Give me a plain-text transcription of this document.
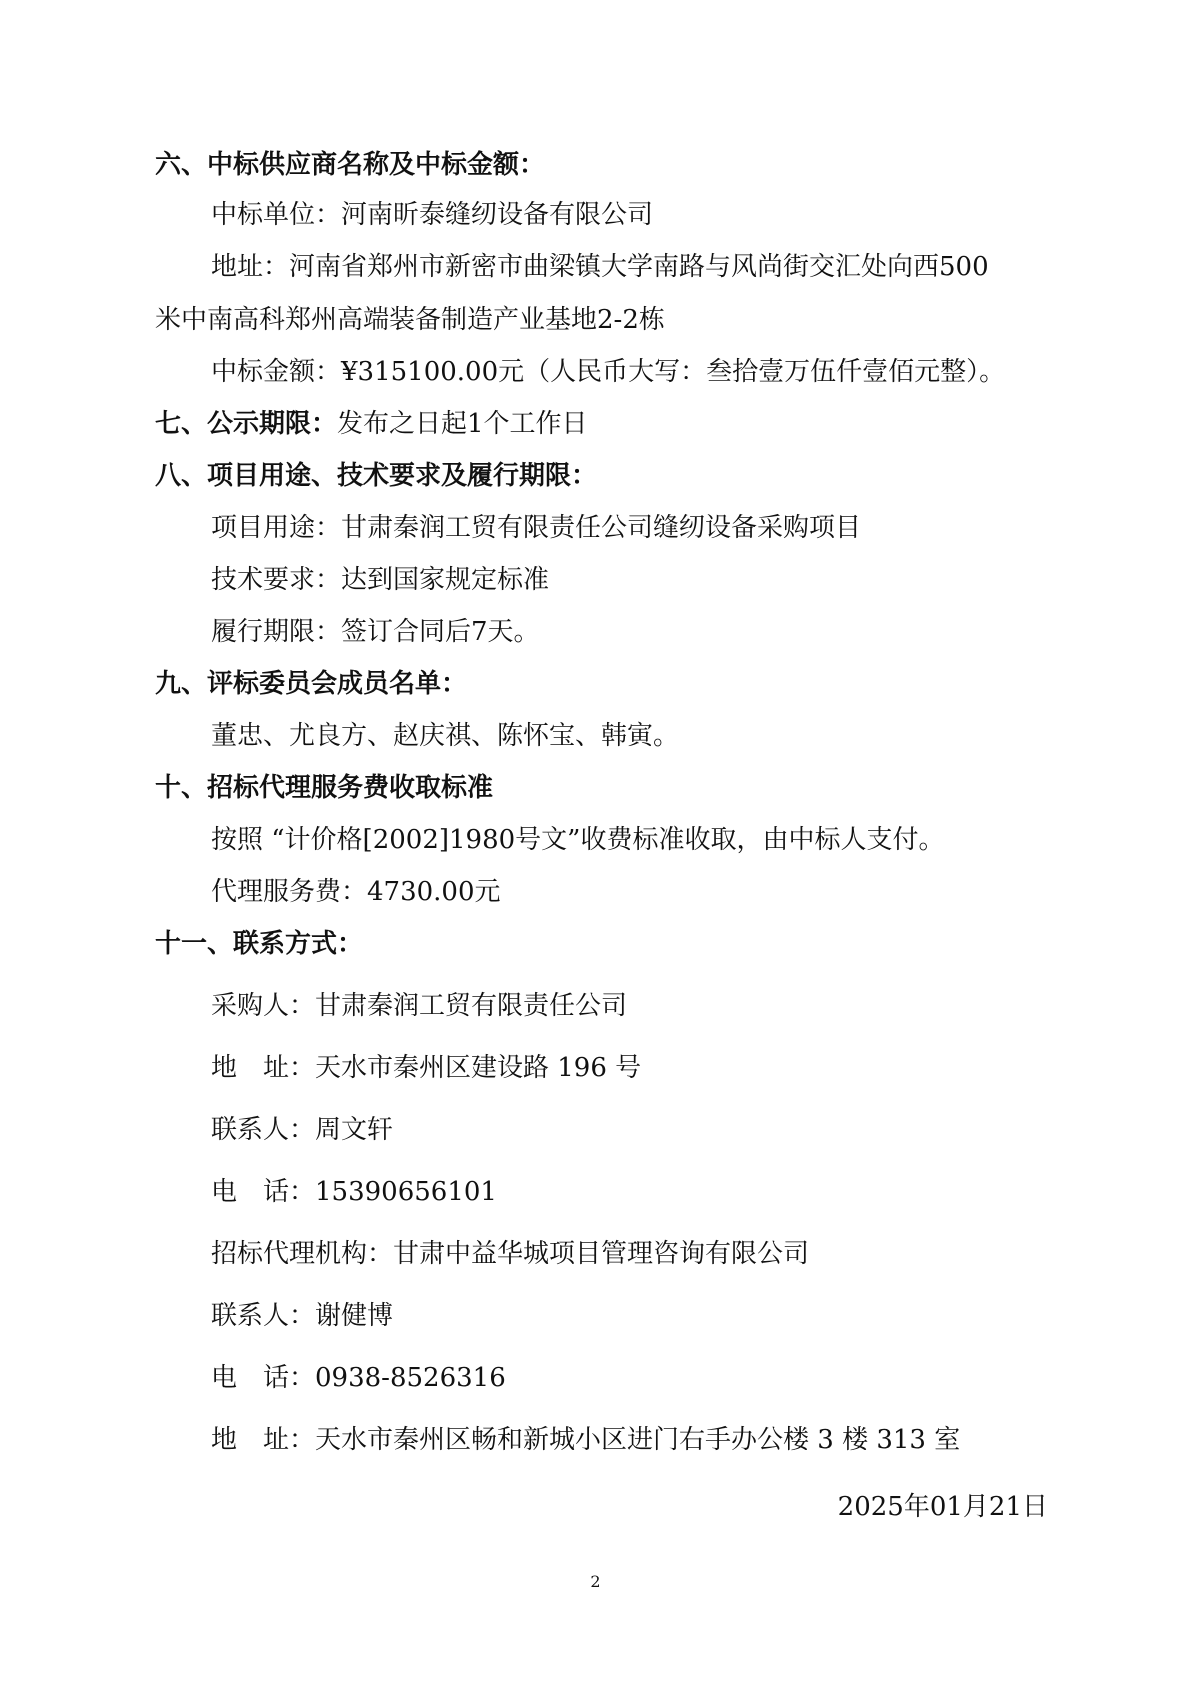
六、中标供应商名称及中标金额：
中标单位：河南昕泰缝纫设备有限公司
地址：河南省郑州市新密市曲梁镇大学南路与风尚街交汇处向西500
米中南高科郑州高端装备制造产业基地2-2栋
中标金额：¥315100.00元（人民币大写：叁拾壹万伍仟壹佰元整）。
七、公示期限：发布之日起1个工作日
八、项目用途、技术要求及履行期限：
项目用途：甘肃秦润工贸有限责任公司缝纫设备采购项目
技术要求：达到国家规定标准
履行期限：签订合同后7天。
九、评标委员会成员名单：
董忠、尤良方、赵庆祺、陈怀宝、韩寅。
十、招标代理服务费收取标准
按照 “计价格[2002]1980号文”收费标准收取，由中标人支付。
代理服务费：4730.00元
十一、联系方式：
采购人：甘肃秦润工贸有限责任公司
地　址：天水市秦州区建设路 196 号
联系人：周文轩
电　话：15390656101
招标代理机构：甘肃中益华城项目管理咨询有限公司
联系人：谢健博
电　话：0938-8526316
地　址：天水市秦州区畅和新城小区进门右手办公楼 3 楼 313 室
2025年01月21日
2
